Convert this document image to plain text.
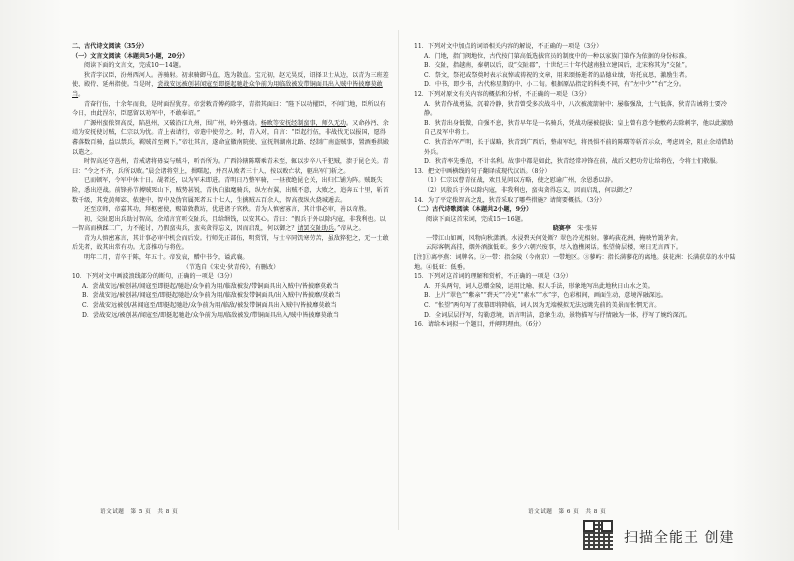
二、古代诗文阅读（35分）

（一）文言文阅读（本题共5小题，20分）

阅读下面的文言文，完成10～14题。

狄青字汉臣，汾州西河人。善骑射。初隶骑御马直，选为散直。宝元初，赵元昊反，诏择卫士从边，以青为三班差使、殿侍、延州指使。当是时，尝战安远被创甚闻寇至即挺起驰赴众争前为用临敌被发带铜面具出入贼中皆披靡莫敢当。

青奋行伍，十余年而贵，是时面涅犹存。帝尝敕青傅药除字，青指其面曰：“陛下以功擢臣，不问门地，臣所以有今日，由此涅尔，臣愿留以劝军中，不敢奉诏。”

广源州蛮侬智高反，陷邕州，又破沿江九州，围广州，岭外骚动。杨畋等安抚经制蛮事，师久无功。又命孙沔、余靖为安抚使讨贼，仁宗以为忧。青上表请行，帝遣中使劳之。时，青入对，自言：“臣起行伍，非战伐无以报国，愿得蕃落数百骑，益以禁兵，羁贼首至阙下。”帝壮其言，遂命宣徽南院使、宣抚荆湖南北路、经制广南盗贼事，置酒垂拱殿以遣之。

时智高还守邕州，青戒诸将毋妄与贼斗，听吾所为。广西钤辖陈曙乘青未至，辄以步卒八千犯贼，溃于昆仑关。青曰：“令之不齐，兵所以败。”晨会诸将堂上，揖曙起，并召从败者三十人，按以败亡状，驱出军门斩之。

已而顿军，令军中休十日。觇者还，以为军未即进。青明日乃整军骑，一昼夜绝昆仑关，出归仁铺为阵。贼既失险，悉出逆战。前锋孙节搏贼死山下，贼势甚锐，青执白旗麾骑兵，纵左右翼，出贼不意，大败之，追奔五十里，斩首数千级，其党黄师宓、侬建中、智中及伪官属死者五十七人，生擒贼五百余人，智高夜纵火烧城遁去。

还至京师，帝嘉其功，拜枢密使，赐第敦教坊，优进诸子官秩。青为人慎密寡言，其计事必审，善以奇胜。

初，交阯愿出兵助讨智高，余靖言宜听交阯兵，且给缗钱，以安其心。青曰：“假兵于外以除内寇，非我利也。以一智高而横蹂二广，力不能讨，乃假蛮夷兵，蛮夷贪得忘义，因而启乱，何以御之？请罢交阯助兵。”帝从之。

青为人慎密寡言，其计事必审中机会而后发。行师先正部伍，明赏罚，与士卒同饥寒劳苦，虽敌猝犯之，无一士敢后先者，故其出常有功。尤喜推功与将佐。

明年二月，青卒于陈，年五十。帝发哀，赠中书令，谥武襄。

（节选自《宋史·狄青传》，有删改）

10．下列对文中画波浪线部分的断句，正确的一项是（3分）

A．尝战安远/被创甚/闻寇至即挺起/驰赴/众争前为用/临敌被发/带铜面具出入贼中/皆披靡莫敢当

B．尝战安远/被创甚/闻寇至/即挺起驰赴/众争前为用/临敌被发带铜面具/出入贼中/皆披靡/莫敢当

C．尝战安远被创/甚闻寇至/即挺起驰赴/众争前为用/临敌/被发带铜面具出入贼中/皆披靡莫敢当

D．尝战安远/被创甚/闻寇至/即挺起驰赴/众争前为用/临敌被发/带铜面具出入/贼中皆披靡莫敢当

11．下列对文中加点的词语相关内容的解说，不正确的一项是（3分）

A．门地，指门阀地位，古代按门第高低选拔官员的制度中的一种以家族门第作为依据的身份标准。

B．交阯，指越南，秦朝以后，设“交阯郡”，十世纪三十年代越南独立建国后，北宋称其为“交阯”。

C．祭文，祭祀或祭奠时表示哀悼或祷祝的文章，用来颂扬逝者的品德业绩，寄托哀思，激励生者。

D．中书，即少书，古代称星期的中、小二旬。根据原品指定的科类不同，有“左中少”“右”之分。

12．下列对原文有关内容的概括和分析，不正确的一项是（3分）

A．狄青作战勇猛，沉着冷静，狄青曾受多次战斗中，八次被流箭射中；屡临强敌，士气低落，狄青告诫将士要冷静。

B．狄青出身低微，自强不息，狄青早年是一名骑兵，凭战功屡被提拔；皇上曾有意令他敷药去除刺字，他以此激励自己及军中将士。

C．狄青治军严明，长于谋略，狄青到广西后，整肃军纪，将畏惧不前的陈曙等斩首示众，考虑周全，阻止余靖借助外兵。

D．狄青率先垂范，不计名利。故事中都是如此，狄青经常冲锋在前，战后又把功劳让给将佐，令将士们敬服。

13．把文中画横线的句子翻译成现代汉语。（8分）

（1）仁宗以曹青征战，欢且见问以方略，使之慰谕广州，余恩悉以辞。

（2）贝殷兵于外以除内寇，非我利也，蛮夷贪得忘义，因而启乱，何以御之？

14．为了平定侬智高之乱，狄青采取了哪些措施？请简要概括。（3分）

（二）古代诗歌阅读（本题共2小题，9分）

阅读下面这首宋词，完成15～16题。

晓赛亭　 宋·张昇

一带江山如画，风物向秋潇洒。水浸碧天何处断？翠色冷光相射。蓼屿荻花洲，掩映竹篱茅舍。

云际客帆高挂，烟外酒旗低亚。多少六朝兴废事，尽入渔樵闲话。怅望倚层楼，寒日无言西下。

[注]①离亭燕：词牌名。②一带：指金陵（今南京）一带地区。③蓼屿：指长满蓼花的离地。荻花洲：长满获草的水中陆地。④低亚：低垂。

15．下列对这首词的理解和赏析，不正确的一项是（3分）

A．开头两句，词人总赠金陵，运用比喻、拟人手法，形象地写出此地秋日山水之美。

B．上片“翠色”“紫亲”“碧天”“冷光”“素水”“水”字，色彩相间，画面生动，意境浑融深远。

C．“怅望”两句写了夜幕即将降临，词人因为无端模拟无法远眺先前的美景而怅惘无言。

D．全词层层抒写，勾勒意境，语言明洁，意象生动，景物描写与抒情融为一体，抒写了婉约深沉。

16．请给本词拟一个题目，并阐明理由。（6分）

语文试题　第 5 页　共 8 页	语文试题　第 6 页　共 8 页
扫描全能王 创建
